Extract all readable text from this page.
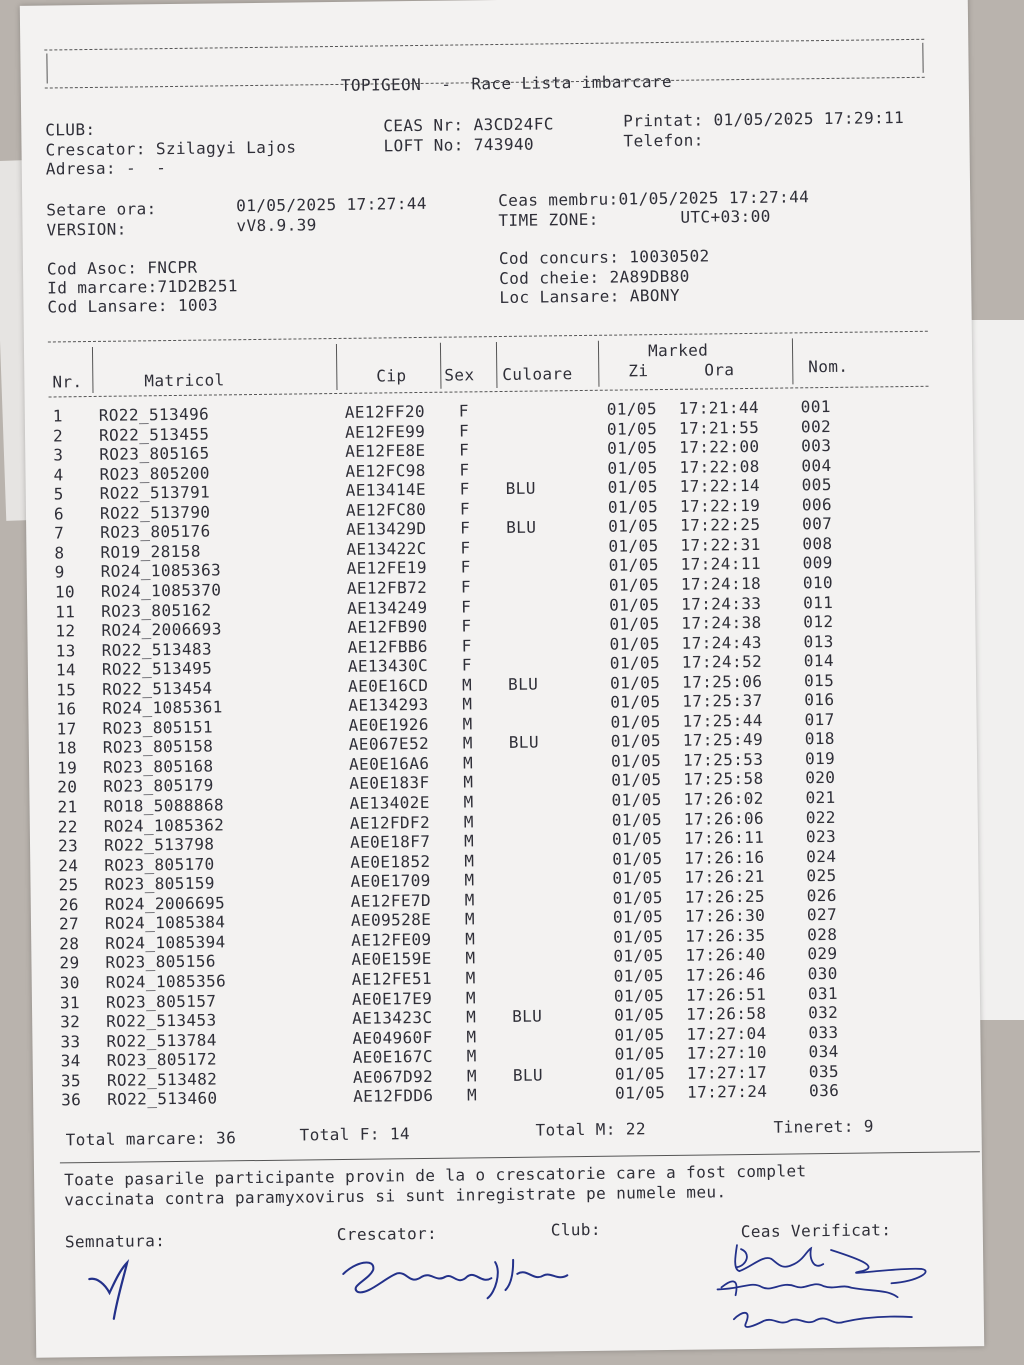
TOPIGEON - Race Lista imbarcare

CLUB:
Crescator: Szilagyi Lajos
Adresa: -  -
CEAS Nr: A3CD24FC
LOFT No: 743940
Printat: 01/05/2025 17:29:11
Telefon:
Setare ora:	01/05/2025 17:27:44
VERSION:	vV8.9.39
Ceas membru:01/05/2025 17:27:44
TIME ZONE:	UTC+03:00
Cod Asoc: FNCPR
Id marcare:71D2B251
Cod Lansare: 1003
Cod concurs: 10030502
Cod cheie: 2A89DB80
Loc Lansare: ABONY
Nr.	Matricol	Cip Sex Culoare
Marked
Zi	Ora	Nom.
1	RO22_513496	AE12FF20 F	01/05 17:21:44	001
2	RO22_513455	AE12FE99 F	01/05 17:21:55	002
3	RO23_805165	AE12FE8E F	01/05 17:22:00	003
4	RO23_805200	AE12FC98 F	01/05 17:22:08	004
5	RO22_513791	AE13414E F BLU	01/05 17:22:14	005
6	RO22_513790	AE12FC80 F	01/05 17:22:19	006
7	RO23_805176	AE13429D F BLU	01/05 17:22:25	007
8	RO19_28158	AE13422C F	01/05 17:22:31	008
9	RO24_1085363	AE12FE19 F	01/05 17:24:11	009
10	RO24_1085370	AE12FB72 F	01/05 17:24:18	010
11	RO23_805162	AE134249 F	01/05 17:24:33	011
12	RO24_2006693	AE12FB90 F	01/05 17:24:38	012
13	RO22_513483	AE12FBB6 F	01/05 17:24:43	013
14	RO22_513495	AE13430C F	01/05 17:24:52	014
15	RO22_513454	AE0E16CD M BLU	01/05 17:25:06	015
16	RO24_1085361	AE134293 M	01/05 17:25:37	016
17	RO23_805151	AE0E1926 M	01/05 17:25:44	017
18	RO23_805158	AE067E52 M BLU	01/05 17:25:49	018
19	RO23_805168	AE0E16A6 M	01/05 17:25:53	019
20	RO23_805179	AE0E183F M	01/05 17:25:58	020
21	RO18_5088868	AE13402E M	01/05 17:26:02	021
22	RO24_1085362	AE12FDF2 M	01/05 17:26:06	022
23	RO22_513798	AE0E18F7 M	01/05 17:26:11	023
24	RO23_805170	AE0E1852 M	01/05 17:26:16	024
25	RO23_805159	AE0E1709 M	01/05 17:26:21	025
26	RO24_2006695	AE12FE7D M	01/05 17:26:25	026
27	RO24_1085384	AE09528E M	01/05 17:26:30	027
28	RO24_1085394	AE12FE09 M	01/05 17:26:35	028
29	RO23_805156	AE0E159E M	01/05 17:26:40	029
30	RO24_1085356	AE12FE51 M	01/05 17:26:46	030
31	RO23_805157	AE0E17E9 M	01/05 17:26:51	031
32	RO22_513453	AE13423C M BLU	01/05 17:26:58	032
33	RO22_513784	AE04960F M	01/05 17:27:04	033
34	RO23_805172	AE0E167C M	01/05 17:27:10	034
35	RO22_513482	AE067D92 M BLU	01/05 17:27:17	035
36	RO22_513460	AE12FDD6 M	01/05 17:27:24	036
Total marcare: 36	Total F: 14	Total M: 22	Tineret: 9
Toate pasarile participante provin de la o crescatorie care a fost complet
vaccinata contra paramyxovirus si sunt inregistrate pe numele meu.
Semnatura:	Crescator:	Club:	Ceas Verificat:
